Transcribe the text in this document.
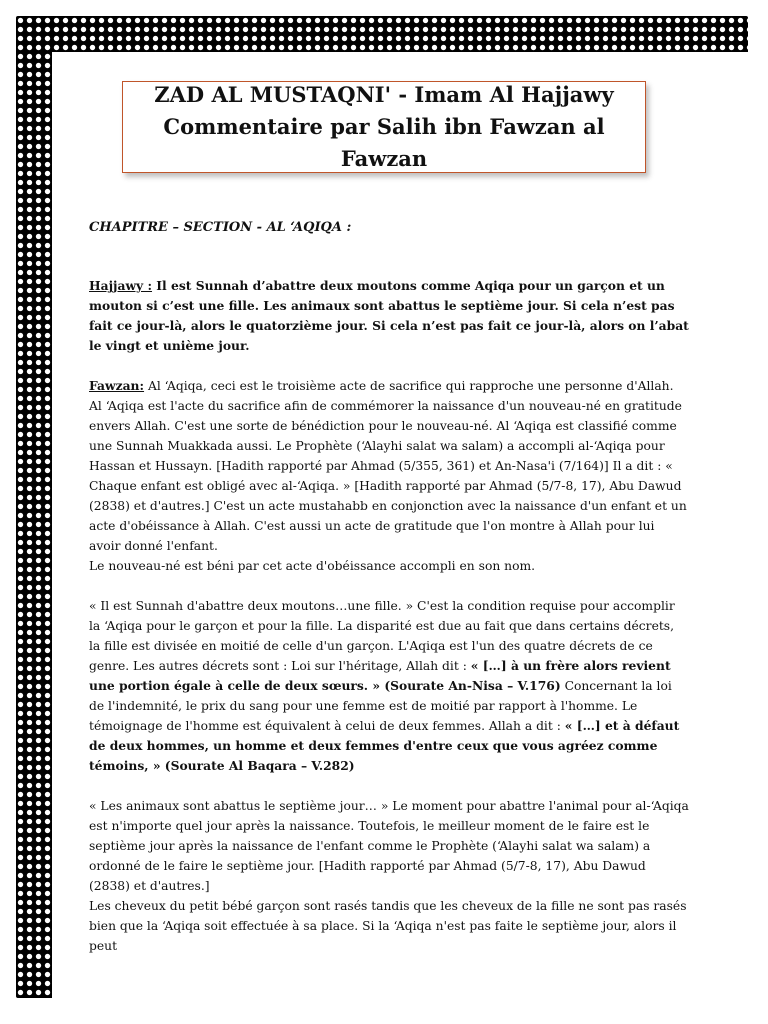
ZAD AL MUSTAQNI' - Imam Al Hajjawy
Commentaire par Salih ibn Fawzan al Fawzan
CHAPITRE – SECTION - AL ‘AQIQA :

Hajjawy : Il est Sunnah d’abattre deux moutons comme Aqiqa pour un garçon et un mouton si c’est une fille. Les animaux sont abattus le septième jour. Si cela n’est pas fait ce jour-là, alors le quatorzième jour. Si cela n’est pas fait ce jour-là, alors on l’abat le vingt et unième jour.

Fawzan: Al ‘Aqiqa, ceci est le troisième acte de sacrifice qui rapproche une personne d'Allah.
Al ‘Aqiqa est l'acte du sacrifice afin de commémorer la naissance d'un nouveau-né en gratitude envers Allah. C'est une sorte de bénédiction pour le nouveau-né. Al ‘Aqiqa est classifié comme une Sunnah Muakkada aussi. Le Prophète (‘Alayhi salat wa salam) a accompli al-‘Aqiqa pour Hassan et Hussayn. [Hadith rapporté par Ahmad (5/355, 361) et An-Nasa'i (7/164)] Il a dit : « Chaque enfant est obligé avec al-‘Aqiqa. » [Hadith rapporté par Ahmad (5/7-8, 17), Abu Dawud (2838) et d'autres.] C'est un acte mustahabb en conjonction avec la naissance d'un enfant et un acte d'obéissance à Allah. C'est aussi un acte de gratitude que l'on montre à Allah pour lui avoir donné l'enfant.
Le nouveau-né est béni par cet acte d'obéissance accompli en son nom.

« Il est Sunnah d'abattre deux moutons…une fille. » C'est la condition requise pour accomplir la ‘Aqiqa pour le garçon et pour la fille. La disparité est due au fait que dans certains décrets, la fille est divisée en moitié de celle d'un garçon. L'Aqiqa est l'un des quatre décrets de ce genre. Les autres décrets sont : Loi sur l'héritage, Allah dit : « […] à un frère alors revient une portion égale à celle de deux sœurs. » (Sourate An-Nisa – V.176) Concernant la loi de l'indemnité, le prix du sang pour une femme est de moitié par rapport à l'homme. Le témoignage de l'homme est équivalent à celui de deux femmes. Allah a dit : « […] et à défaut de deux hommes, un homme et deux femmes d'entre ceux que vous agréez comme témoins, » (Sourate Al Baqara – V.282)

« Les animaux sont abattus le septième jour… » Le moment pour abattre l'animal pour al-‘Aqiqa est n'importe quel jour après la naissance. Toutefois, le meilleur moment de le faire est le septième jour après la naissance de l'enfant comme le Prophète (‘Alayhi salat wa salam) a ordonné de le faire le septième jour. [Hadith rapporté par Ahmad (5/7-8, 17), Abu Dawud (2838) et d'autres.]
Les cheveux du petit bébé garçon sont rasés tandis que les cheveux de la fille ne sont pas rasés bien que la ‘Aqiqa soit effectuée à sa place. Si la ‘Aqiqa n'est pas faite le septième jour, alors il peut
